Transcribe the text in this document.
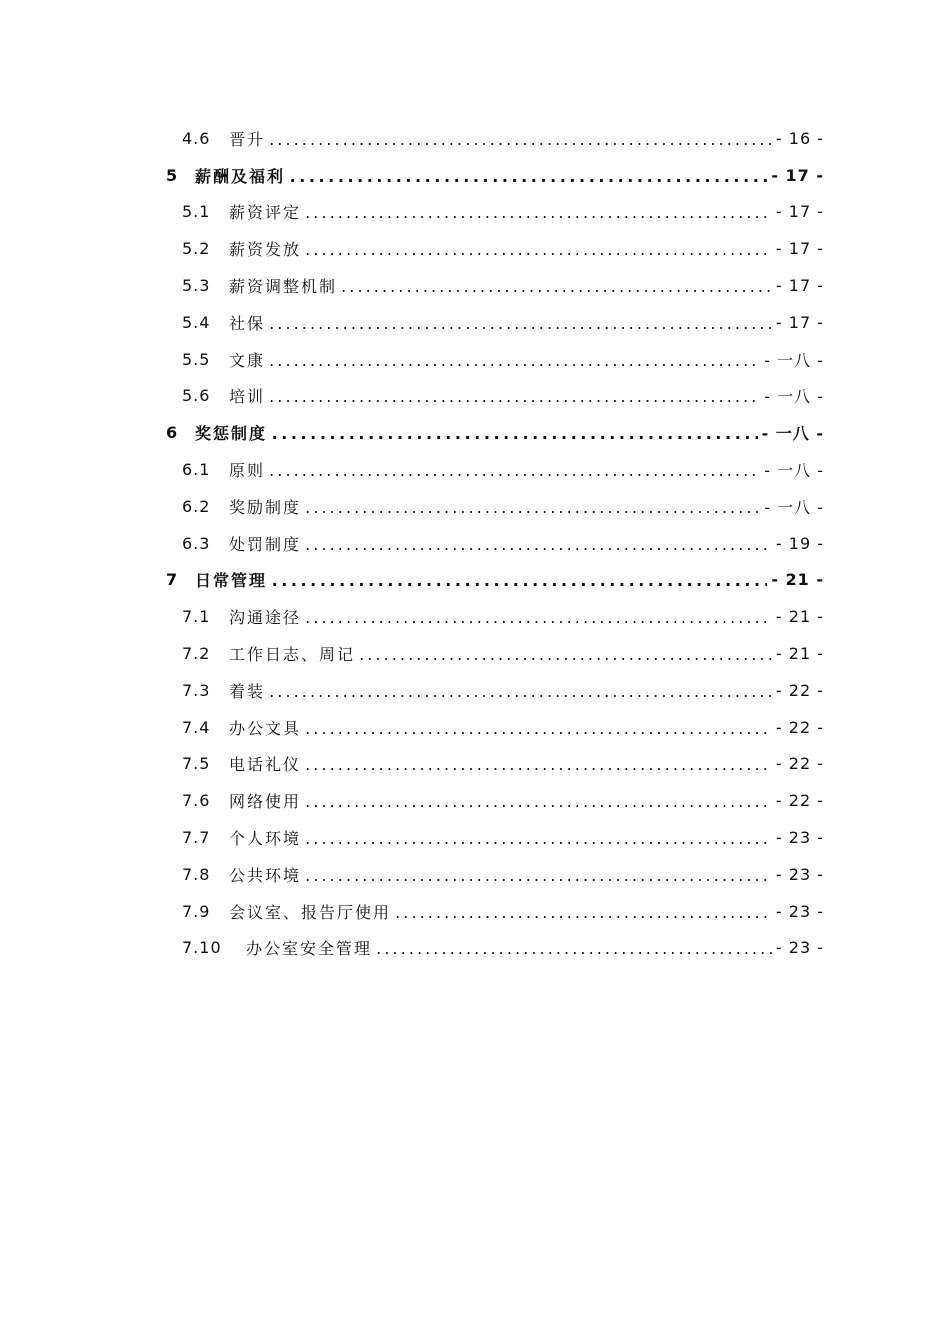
4.6 晋升 . . .	- 16 -
5 薪酬及福利 . . .	- 17 -
5.1 薪资评定 . . .	- 17 -
5.2 薪资发放 . . .	- 17 -
5.3 薪资调整机制 . . .	- 17 -
5.4 社保 . . .	- 17 -
5.5 文康 . . .	- 一八 -
5.6 培训 . . .	- 一八 -
6 奖惩制度 . . .	- 一八 -
6.1 原则 . . .	- 一八 -
6.2 奖励制度 . . .	- 一八 -
6.3 处罚制度 . . .	- 19 -
7 日常管理 . . .	- 21 -
7.1 沟通途径 . . .	- 21 -
7.2 工作日志、周记 . . .	- 21 -
7.3 着装 . . .	- 22 -
7.4 办公文具 . . .	- 22 -
7.5 电话礼仪 . . .	- 22 -
7.6 网络使用 . . .	- 22 -
7.7 个人环境 . . .	- 23 -
7.8 公共环境 . . .	- 23 -
7.9 会议室、报告厅使用 . . .	- 23 -
7.10 办公室安全管理 . . .	- 23 -
